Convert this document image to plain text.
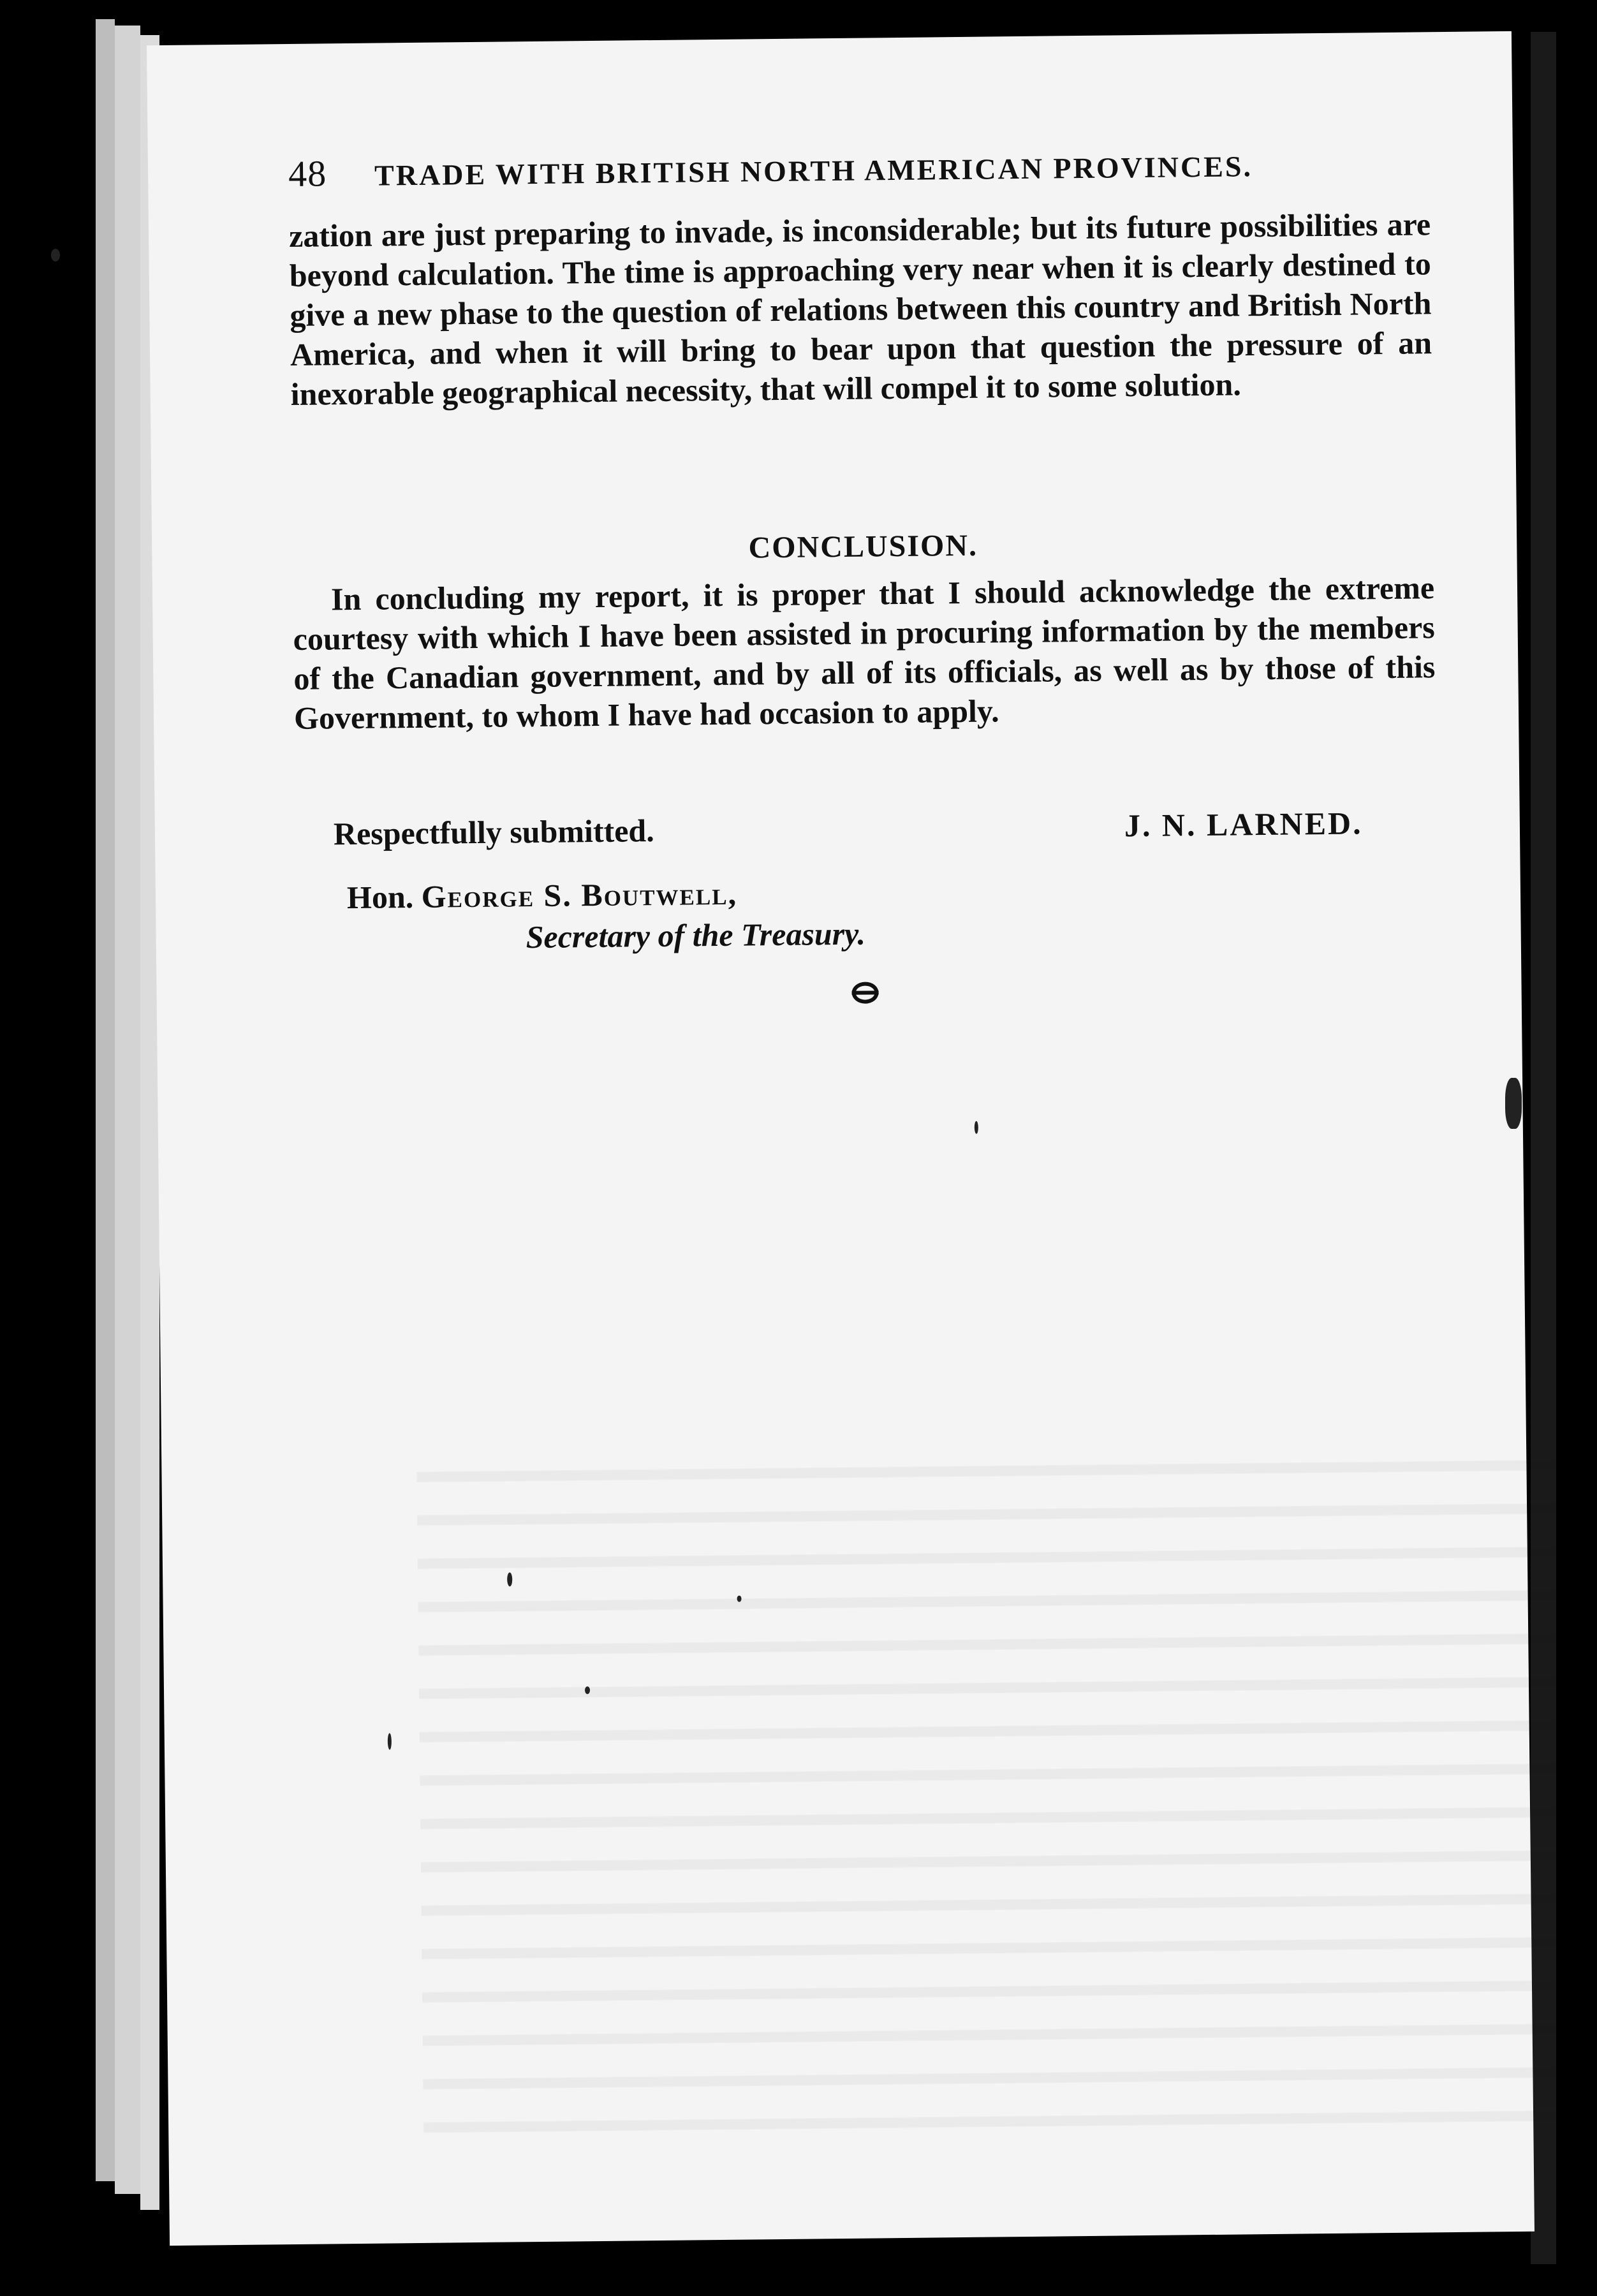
48 TRADE WITH BRITISH NORTH AMERICAN PROVINCES.
zation are just preparing to invade, is inconsiderable; but its future possibilities are beyond calculation. The time is approaching very near when it is clearly destined to give a new phase to the question of relations between this country and British North America, and when it will bring to bear upon that question the pressure of an inexorable geographical necessity, that will compel it to some solution.
CONCLUSION.
In concluding my report, it is proper that I should acknowledge the extreme courtesy with which I have been assisted in procuring information by the members of the Canadian government, and by all of its officials, as well as by those of this Government, to whom I have had occasion to apply.
Respectfully submitted.	J. N. LARNED.
Hon. George S. Boutwell,
Secretary of the Treasury.
